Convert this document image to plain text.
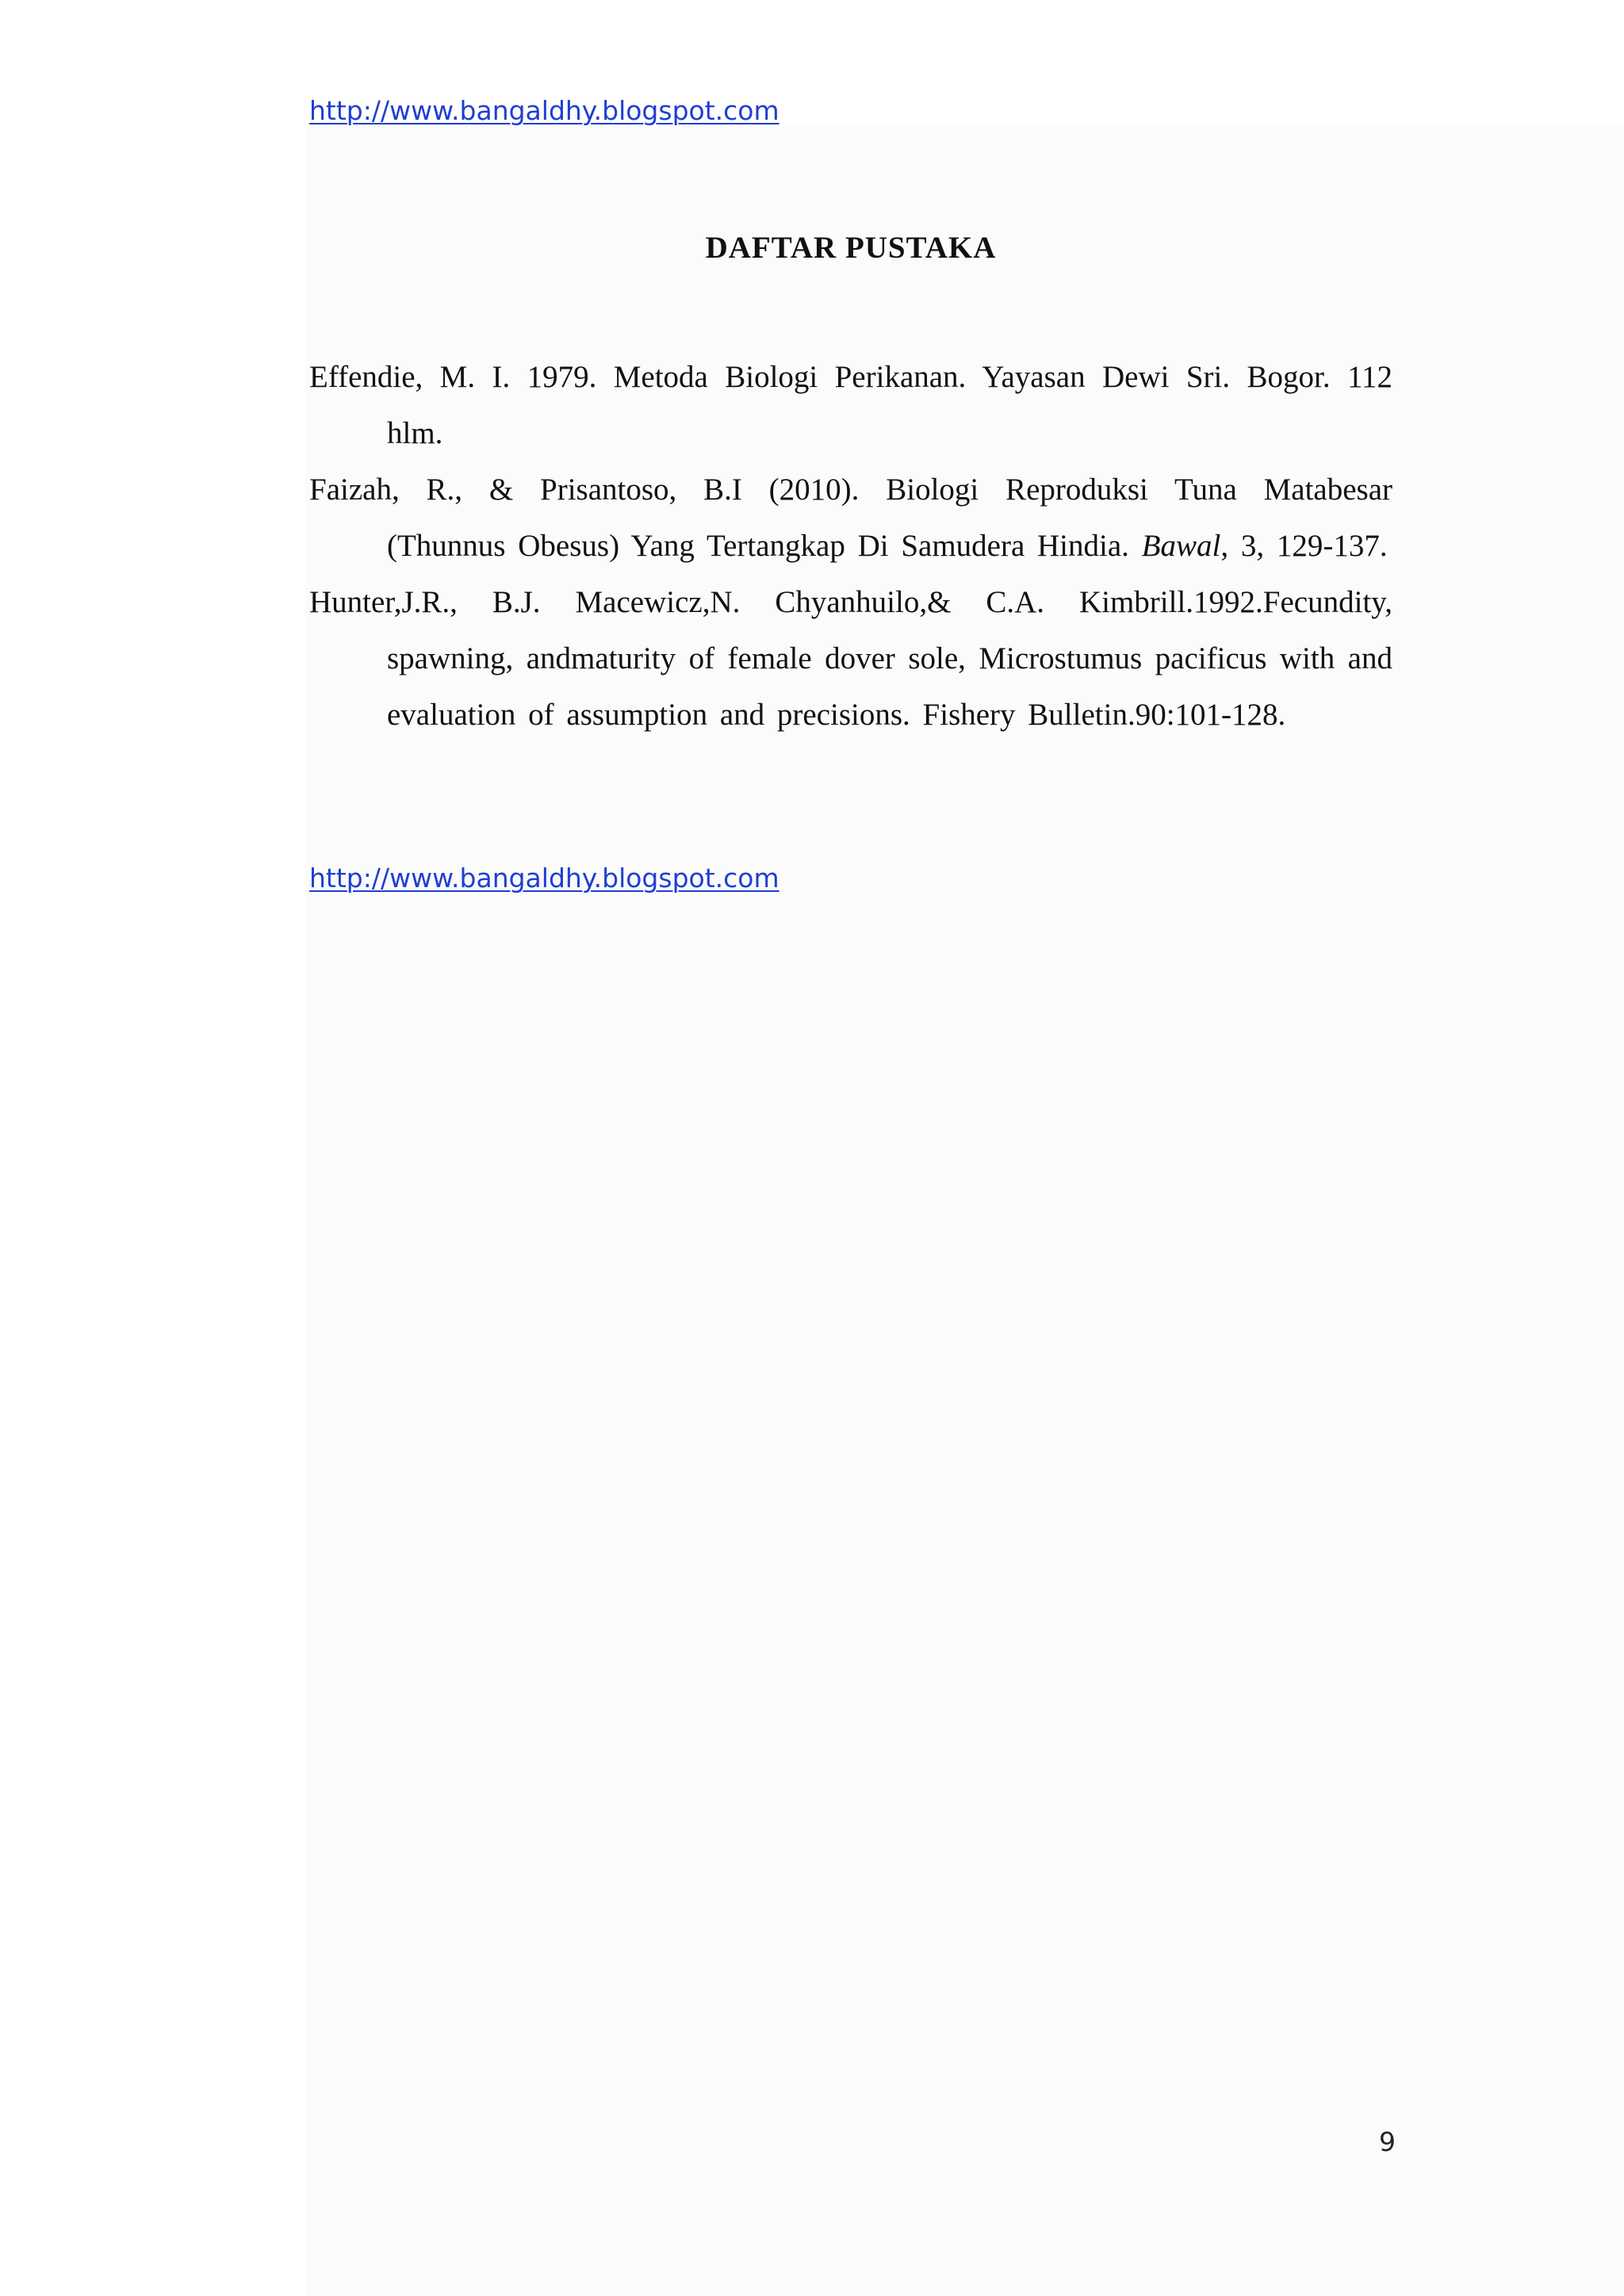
http://www.bangaldhy.blogspot.com
DAFTAR PUSTAKA

Effendie, M. I. 1979. Metoda Biologi Perikanan. Yayasan Dewi Sri. Bogor. 112 hlm.

Faizah, R., & Prisantoso, B.I (2010). Biologi Reproduksi Tuna Matabesar (Thunnus Obesus) Yang Tertangkap Di Samudera Hindia. Bawal, 3, 129-137.

Hunter,J.R., B.J. Macewicz,N. Chyanhuilo,& C.A. Kimbrill.1992.Fecundity, spawning, andmaturity of female dover sole, Microstumus pacificus with and evaluation of assumption and precisions. Fishery Bulletin.90:101-128.

http://www.bangaldhy.blogspot.com
9
